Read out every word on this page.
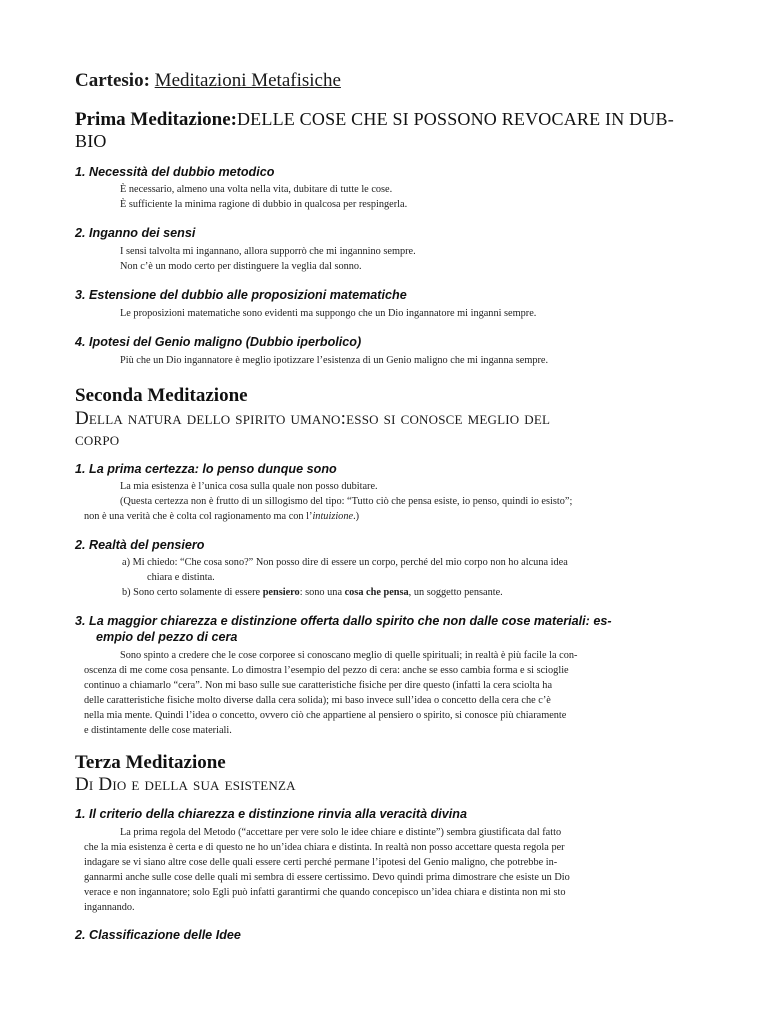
Cartesio: Meditazioni Metafisiche
Prima Meditazione:DELLE COSE CHE SI POSSONO REVOCARE IN DUB-
BIO
1. Necessità del dubbio metodico
È necessario, almeno una volta nella vita, dubitare di tutte le cose.
È sufficiente la minima ragione di dubbio in qualcosa per respingerla.
2. Inganno dei sensi
I sensi talvolta mi ingannano, allora supporrò che mi ingannino sempre.
Non c’è un modo certo per distinguere la veglia dal sonno.
3. Estensione del dubbio alle proposizioni matematiche
Le proposizioni matematiche sono evidenti ma suppongo che un Dio ingannatore mi inganni sempre.
4. Ipotesi del Genio maligno (Dubbio iperbolico)
Più che un Dio ingannatore è meglio ipotizzare l’esistenza di un Genio maligno che mi inganna sempre.
Seconda Meditazione
Della natura dello spirito umano:esso si conosce meglio del
corpo
1. La prima certezza: lo penso dunque sono
La mia esistenza è l’unica cosa sulla quale non posso dubitare.
(Questa certezza non è frutto di un sillogismo del tipo: “Tutto ciò che pensa esiste, io penso, quindi io esisto”;
non è una verità che è colta col ragionamento ma con l’intuizione.)
2. Realtà del pensiero
a) Mi chiedo: “Che cosa sono?” Non posso dire di essere un corpo, perché del mio corpo non ho alcuna idea
chiara e distinta.
b) Sono certo solamente di essere pensiero: sono una cosa che pensa, un soggetto pensante.
3. La maggior chiarezza e distinzione offerta dallo spirito che non dalle cose materiali: es-
empio del pezzo di cera
Sono spinto a credere che le cose corporee si conoscano meglio di quelle spirituali; in realtà è più facile la con-
oscenza di me come cosa pensante. Lo dimostra l’esempio del pezzo di cera: anche se esso cambia forma e si scioglie
continuo a chiamarlo “cera”. Non mi baso sulle sue caratteristiche fisiche per dire questo (infatti la cera sciolta ha
delle caratteristiche fisiche molto diverse dalla cera solida); mi baso invece sull’idea o concetto della cera che c’è
nella mia mente. Quindi l’idea o concetto, ovvero ciò che appartiene al pensiero o spirito, si conosce più chiaramente
e distintamente delle cose materiali.
Terza Meditazione
Di Dio e della sua esistenza
1. Il criterio della chiarezza e distinzione rinvia alla veracità divina
La prima regola del Metodo (“accettare per vere solo le idee chiare e distinte”) sembra giustificata dal fatto
che la mia esistenza è certa e di questo ne ho un’idea chiara e distinta. In realtà non posso accettare questa regola per
indagare se vi siano altre cose delle quali essere certi perché permane l’ipotesi del Genio maligno, che potrebbe in-
gannarmi anche sulle cose delle quali mi sembra di essere certissimo. Devo quindi prima dimostrare che esiste un Dio
verace e non ingannatore; solo Egli può infatti garantirmi che quando concepisco un’idea chiara e distinta non mi sto
ingannando.
2. Classificazione delle Idee
